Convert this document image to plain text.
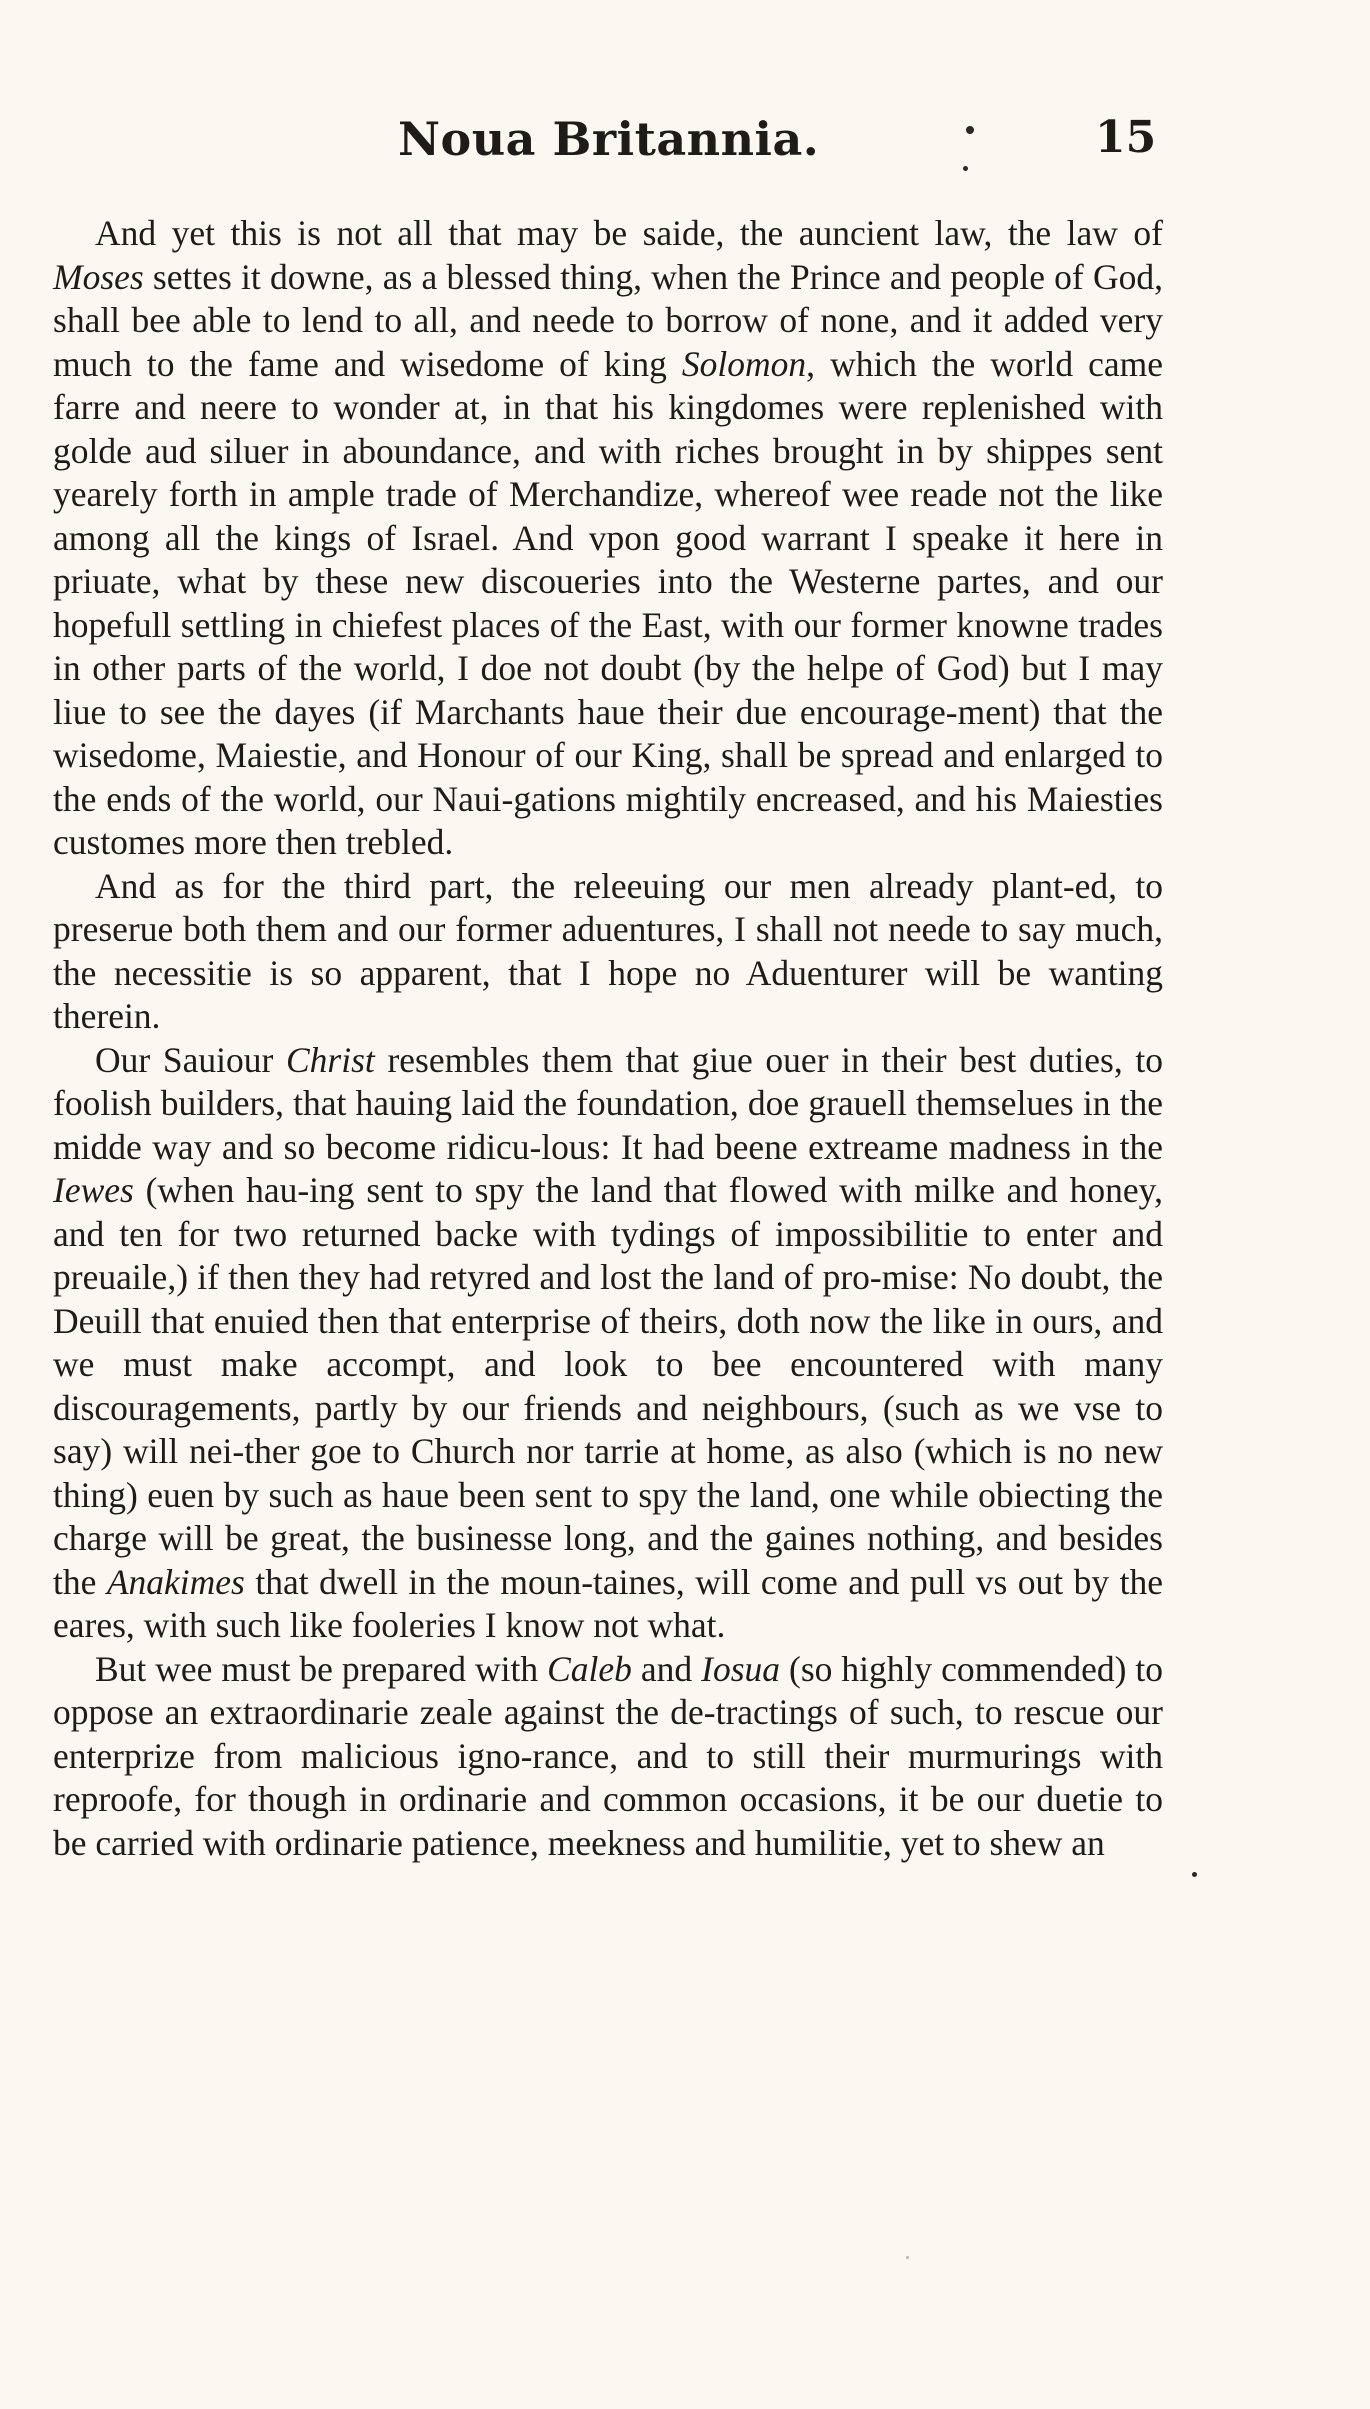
Noua Britannia.	15

And yet this is not all that may be saide, the auncient law, the law of Moses settes it downe, as a blessed thing, when the Prince and people of God, shall bee able to lend to all, and neede to borrow of none, and it added very much to the fame and wisedome of king Solomon, which the world came farre and neere to wonder at, in that his kingdomes were replenished with golde aud siluer in aboundance, and with riches brought in by shippes sent yearely forth in ample trade of Merchandize, whereof wee reade not the like among all the kings of Israel. And vpon good warrant I speake it here in priuate, what by these new discoueries into the Westerne partes, and our hopefull settling in chiefest places of the East, with our former knowne trades in other parts of the world, I doe not doubt (by the helpe of God) but I may liue to see the dayes (if Marchants haue their due encourage-ment) that the wisedome, Maiestie, and Honour of our King, shall be spread and enlarged to the ends of the world, our Naui-gations mightily encreased, and his Maiesties customes more then trebled.

And as for the third part, the releeuing our men already plant-ed, to preserue both them and our former aduentures, I shall not neede to say much, the necessitie is so apparent, that I hope no Aduenturer will be wanting therein.

Our Sauiour Christ resembles them that giue ouer in their best duties, to foolish builders, that hauing laid the foundation, doe grauell themselues in the midde way and so become ridicu-lous: It had beene extreame madness in the Iewes (when hau-ing sent to spy the land that flowed with milke and honey, and ten for two returned backe with tydings of impossibilitie to enter and preuaile,) if then they had retyred and lost the land of pro-mise: No doubt, the Deuill that enuied then that enterprise of theirs, doth now the like in ours, and we must make accompt, and look to bee encountered with many discouragements, partly by our friends and neighbours, (such as we vse to say) will nei-ther goe to Church nor tarrie at home, as also (which is no new thing) euen by such as haue been sent to spy the land, one while obiecting the charge will be great, the businesse long, and the gaines nothing, and besides the Anakimes that dwell in the moun-taines, will come and pull vs out by the eares, with such like fooleries I know not what.

But wee must be prepared with Caleb and Iosua (so highly commended) to oppose an extraordinarie zeale against the de-tractings of such, to rescue our enterprize from malicious igno-rance, and to still their murmurings with reproofe, for though in ordinarie and common occasions, it be our duetie to be carried with ordinarie patience, meekness and humilitie, yet to shew an
